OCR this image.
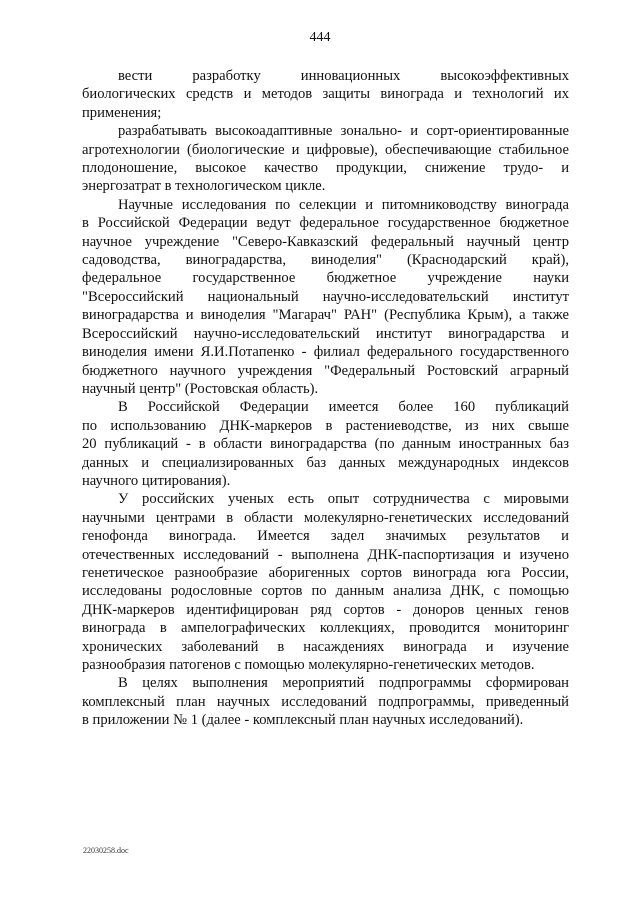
444
вести разработку инновационных высокоэффективных
биологических средств и методов защиты винограда и технологий их
применения;
разрабатывать высокоадаптивные зонально- и сорт-ориентированные
агротехнологии (биологические и цифровые), обеспечивающие стабильное
плодоношение, высокое качество продукции, снижение трудо- и
энергозатрат в технологическом цикле.
Научные исследования по селекции и питомниководству винограда
в Российской Федерации ведут федеральное государственное бюджетное
научное учреждение "Северо-Кавказский федеральный научный центр
садоводства, виноградарства, виноделия" (Краснодарский край),
федеральное государственное бюджетное учреждение науки
"Всероссийский национальный научно-исследовательский институт
виноградарства и виноделия "Магарач" РАН" (Республика Крым), а также
Всероссийский научно-исследовательский институт виноградарства и
виноделия имени Я.И.Потапенко - филиал федерального государственного
бюджетного научного учреждения "Федеральный Ростовский аграрный
научный центр" (Ростовская область).
В Российской Федерации имеется более 160 публикаций
по использованию ДНК-маркеров в растениеводстве, из них свыше
20 публикаций - в области виноградарства (по данным иностранных баз
данных и специализированных баз данных международных индексов
научного цитирования).
У российских ученых есть опыт сотрудничества с мировыми
научными центрами в области молекулярно-генетических исследований
генофонда винограда. Имеется задел значимых результатов и
отечественных исследований - выполнена ДНК-паспортизация и изучено
генетическое разнообразие аборигенных сортов винограда юга России,
исследованы родословные сортов по данным анализа ДНК, с помощью
ДНК-маркеров идентифицирован ряд сортов - доноров ценных генов
винограда в ампелографических коллекциях, проводится мониторинг
хронических заболеваний в насаждениях винограда и изучение
разнообразия патогенов с помощью молекулярно-генетических методов.
В целях выполнения мероприятий подпрограммы сформирован
комплексный план научных исследований подпрограммы, приведенный
в приложении № 1 (далее - комплексный план научных исследований).
22030258.doc
